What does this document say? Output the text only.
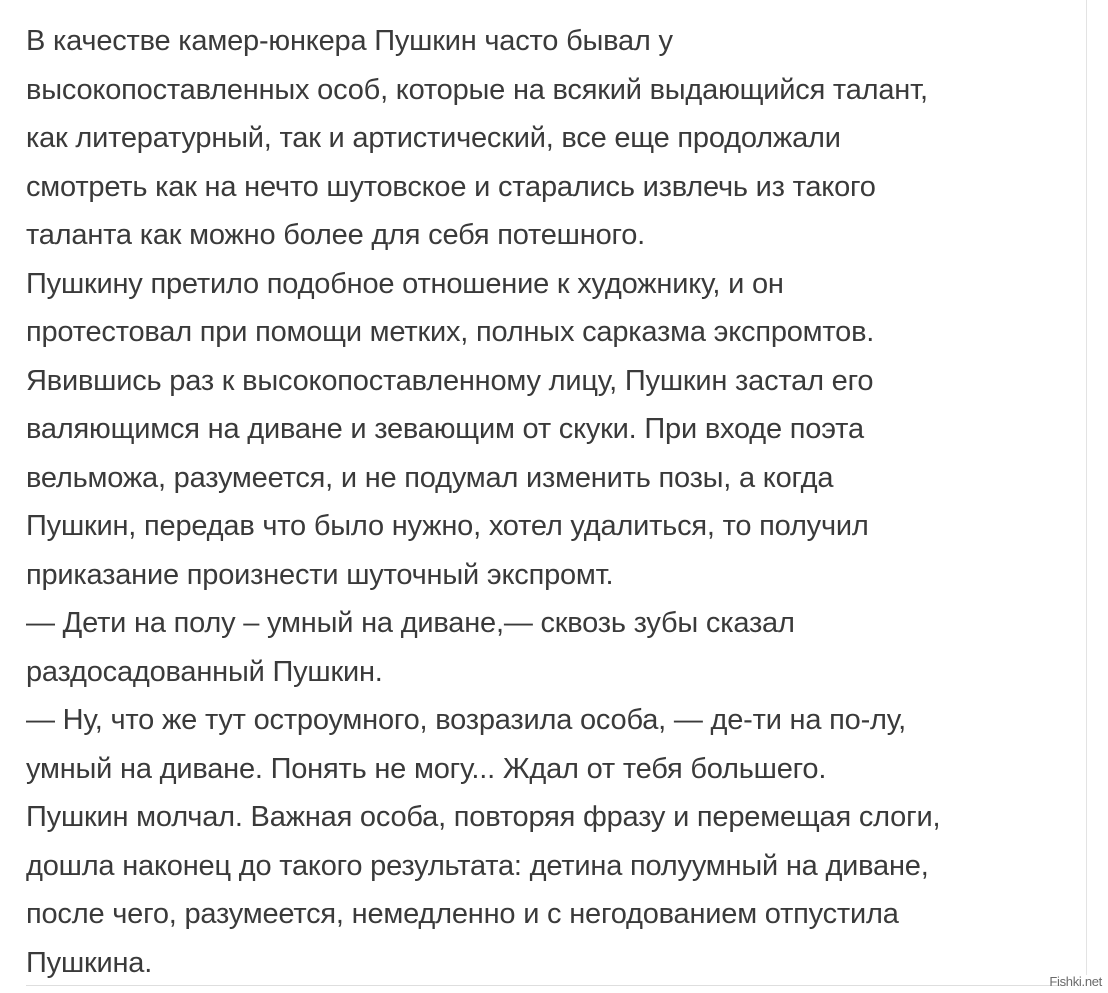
В качестве камер-юнкера Пушкин часто бывал у
высокопоставленных особ, которые на всякий выдающийся талант,
как литературный, так и артистический, все еще продолжали
смотреть как на нечто шутовское и старались извлечь из такого
таланта как можно более для себя потешного.
Пушкину претило подобное отношение к художнику, и он
протестовал при помощи метких, полных сарказма экспромтов.
Явившись раз к высокопоставленному лицу, Пушкин застал его
валяющимся на диване и зевающим от скуки. При входе поэта
вельможа, разумеется, и не подумал изменить позы, а когда
Пушкин, передав что было нужно, хотел удалиться, то получил
приказание произнести шуточный экспромт.
— Дети на полу – умный на диване,— сквозь зубы сказал
раздосадованный Пушкин.
— Ну, что же тут остроумного, возразила особа, — де-ти на по-лу,
умный на диване. Понять не могу... Ждал от тебя большего.
Пушкин молчал. Важная особа, повторяя фразу и перемещая слоги,
дошла наконец до такого результата: детина полуумный на диване,
после чего, разумеется, немедленно и с негодованием отпустила
Пушкина.
Fishki.net
